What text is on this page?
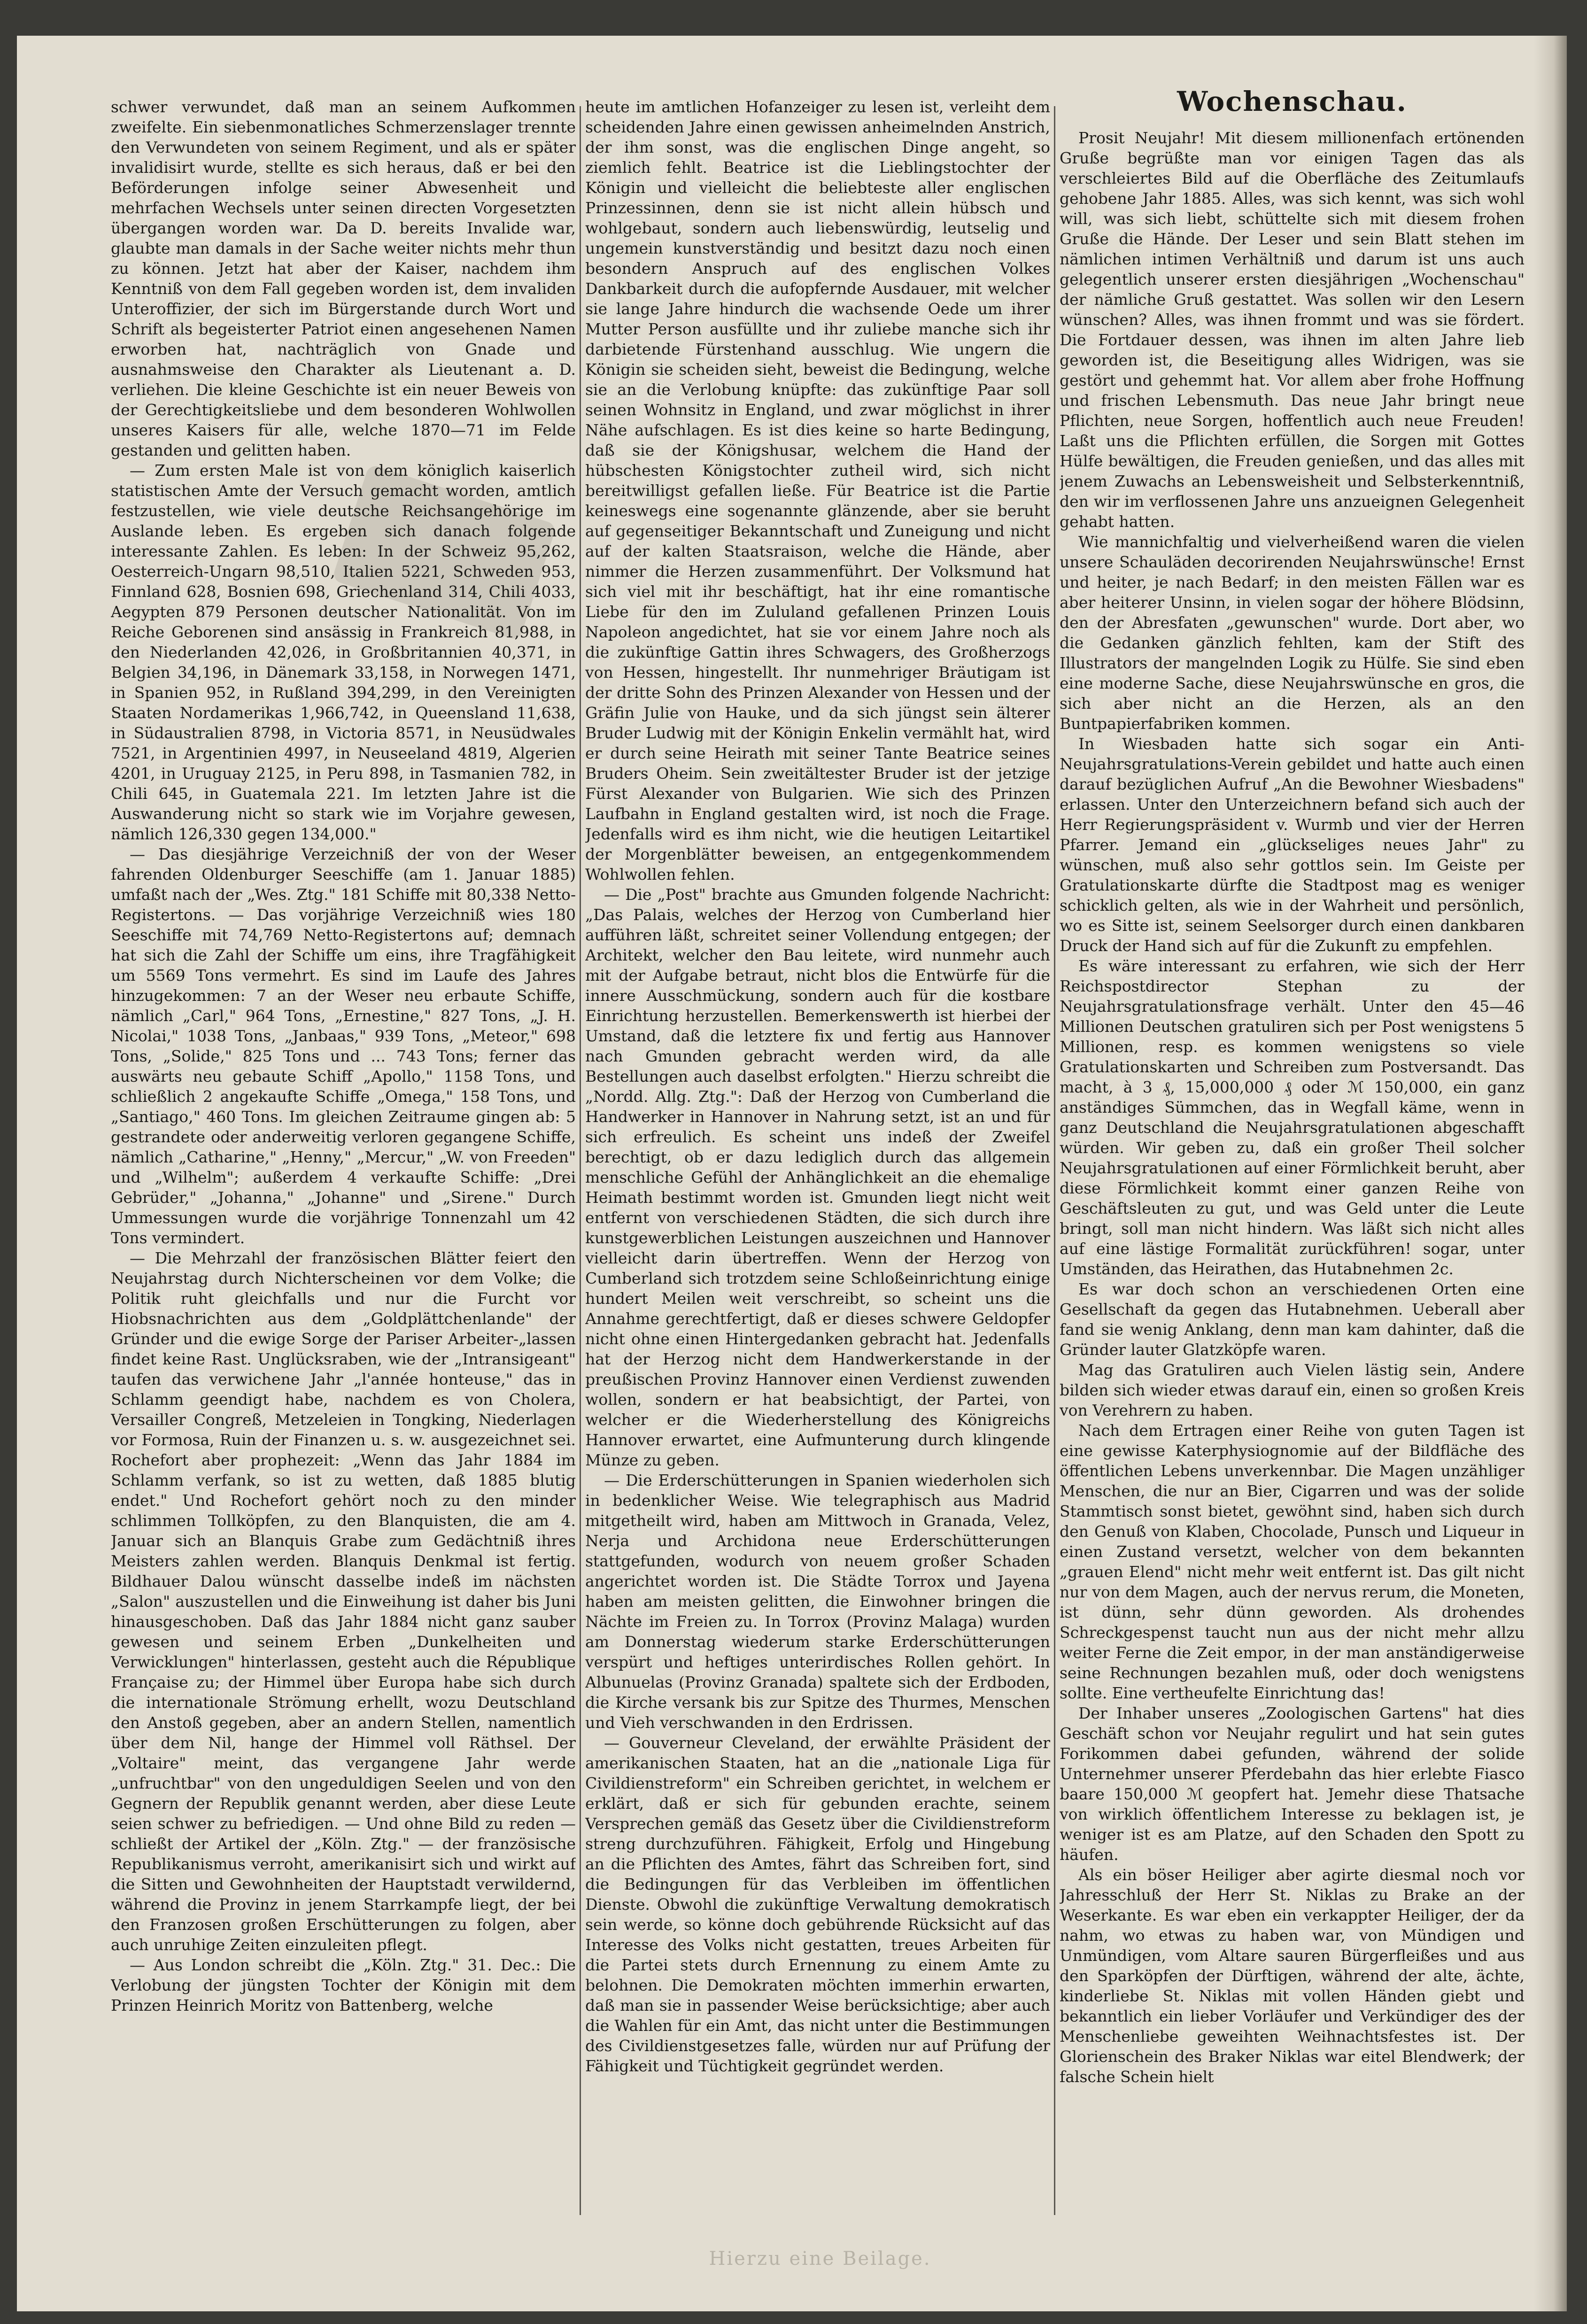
schwer verwundet, daß man an seinem Aufkommen zweifelte. Ein siebenmonatliches Schmerzenslager trennte den Verwundeten von seinem Regiment, und als er später invalidisirt wurde, stellte es sich heraus, daß er bei den Beförderungen infolge seiner Abwesenheit und mehrfachen Wechsels unter seinen directen Vorgesetzten übergangen worden war. Da D. bereits Invalide war, glaubte man damals in der Sache weiter nichts mehr thun zu können. Jetzt hat aber der Kaiser, nachdem ihm Kenntniß von dem Fall gegeben worden ist, dem invaliden Unteroffizier, der sich im Bürgerstande durch Wort und Schrift als begeisterter Patriot einen angesehenen Namen erworben hat, nachträglich von Gnade und ausnahmsweise den Charakter als Lieutenant a. D. verliehen. Die kleine Geschichte ist ein neuer Beweis von der Gerechtigkeitsliebe und dem besonderen Wohlwollen unseres Kaisers für alle, welche 1870—71 im Felde gestanden und gelitten haben.

— Zum ersten Male ist von dem königlich kaiserlich statistischen Amte der Versuch gemacht worden, amtlich festzustellen, wie viele deutsche Reichsangehörige im Auslande leben. Es ergeben sich danach folgende interessante Zahlen. Es leben: In der Schweiz 95,262, Oesterreich-Ungarn 98,510, Italien 5221, Schweden 953, Finnland 628, Bosnien 698, Griechenland 314, Chili 4033, Aegypten 879 Personen deutscher Nationalität. Von im Reiche Geborenen sind ansässig in Frankreich 81,988, in den Niederlanden 42,026, in Großbritannien 40,371, in Belgien 34,196, in Dänemark 33,158, in Norwegen 1471, in Spanien 952, in Rußland 394,299, in den Vereinigten Staaten Nordamerikas 1,966,742, in Queensland 11,638, in Südaustralien 8798, in Victoria 8571, in Neusüdwales 7521, in Argentinien 4997, in Neuseeland 4819, Algerien 4201, in Uruguay 2125, in Peru 898, in Tasmanien 782, in Chili 645, in Guatemala 221. Im letzten Jahre ist die Auswanderung nicht so stark wie im Vorjahre gewesen, nämlich 126,330 gegen 134,000."

— Das diesjährige Verzeichniß der von der Weser fahrenden Oldenburger Seeschiffe (am 1. Januar 1885) umfaßt nach der „Wes. Ztg." 181 Schiffe mit 80,338 Netto-Registertons. — Das vorjährige Verzeichniß wies 180 Seeschiffe mit 74,769 Netto-Registertons auf; demnach hat sich die Zahl der Schiffe um eins, ihre Tragfähigkeit um 5569 Tons vermehrt. Es sind im Laufe des Jahres hinzugekommen: 7 an der Weser neu erbaute Schiffe, nämlich „Carl," 964 Tons, „Ernestine," 827 Tons, „J. H. Nicolai," 1038 Tons, „Janbaas," 939 Tons, „Meteor," 698 Tons, „Solide," 825 Tons und ... 743 Tons; ferner das auswärts neu gebaute Schiff „Apollo," 1158 Tons, und schließlich 2 angekaufte Schiffe „Omega," 158 Tons, und „Santiago," 460 Tons. Im gleichen Zeitraume gingen ab: 5 gestrandete oder anderweitig verloren gegangene Schiffe, nämlich „Catharine," „Henny," „Mercur," „W. von Freeden" und „Wilhelm"; außerdem 4 verkaufte Schiffe: „Drei Gebrüder," „Johanna," „Johanne" und „Sirene." Durch Ummessungen wurde die vorjährige Tonnenzahl um 42 Tons vermindert.

— Die Mehrzahl der französischen Blätter feiert den Neujahrstag durch Nichterscheinen vor dem Volke; die Politik ruht gleichfalls und nur die Furcht vor Hiobsnachrichten aus dem „Goldplättchenlande" der Gründer und die ewige Sorge der Pariser Arbeiter-„lassen findet keine Rast. Unglücksraben, wie der „Intransigeant" taufen das verwichene Jahr „l'année honteuse," das in Schlamm geendigt habe, nachdem es von Cholera, Versailler Congreß, Metzeleien in Tongking, Niederlagen vor Formosa, Ruin der Finanzen u. s. w. ausgezeichnet sei. Rochefort aber prophezeit: „Wenn das Jahr 1884 im Schlamm verfank, so ist zu wetten, daß 1885 blutig endet." Und Rochefort gehört noch zu den minder schlimmen Tollköpfen, zu den Blanquisten, die am 4. Januar sich an Blanquis Grabe zum Gedächtniß ihres Meisters zahlen werden. Blanquis Denkmal ist fertig. Bildhauer Dalou wünscht dasselbe indeß im nächsten „Salon" auszustellen und die Einweihung ist daher bis Juni hinausgeschoben. Daß das Jahr 1884 nicht ganz sauber gewesen und seinem Erben „Dunkelheiten und Verwicklungen" hinterlassen, gesteht auch die République Française zu; der Himmel über Europa habe sich durch die internationale Strömung erhellt, wozu Deutschland den Anstoß gegeben, aber an andern Stellen, namentlich über dem Nil, hange der Himmel voll Räthsel. Der „Voltaire" meint, das vergangene Jahr werde „unfruchtbar" von den ungeduldigen Seelen und von den Gegnern der Republik genannt werden, aber diese Leute seien schwer zu befriedigen. — Und ohne Bild zu reden — schließt der Artikel der „Köln. Ztg." — der französische Republikanismus verroht, amerikanisirt sich und wirkt auf die Sitten und Gewohnheiten der Hauptstadt verwildernd, während die Provinz in jenem Starrkampfe liegt, der bei den Franzosen großen Erschütterungen zu folgen, aber auch unruhige Zeiten einzuleiten pflegt.

— Aus London schreibt die „Köln. Ztg." 31. Dec.: Die Verlobung der jüngsten Tochter der Königin mit dem Prinzen Heinrich Moritz von Battenberg, welche

heute im amtlichen Hofanzeiger zu lesen ist, verleiht dem scheidenden Jahre einen gewissen anheimelnden Anstrich, der ihm sonst, was die englischen Dinge angeht, so ziemlich fehlt. Beatrice ist die Lieblingstochter der Königin und vielleicht die beliebteste aller englischen Prinzessinnen, denn sie ist nicht allein hübsch und wohlgebaut, sondern auch liebenswürdig, leutselig und ungemein kunstverständig und besitzt dazu noch einen besondern Anspruch auf des englischen Volkes Dankbarkeit durch die aufopfernde Ausdauer, mit welcher sie lange Jahre hindurch die wachsende Oede um ihrer Mutter Person ausfüllte und ihr zuliebe manche sich ihr darbietende Fürstenhand ausschlug. Wie ungern die Königin sie scheiden sieht, beweist die Bedingung, welche sie an die Verlobung knüpfte: das zukünftige Paar soll seinen Wohnsitz in England, und zwar möglichst in ihrer Nähe aufschlagen. Es ist dies keine so harte Bedingung, daß sie der Königshusar, welchem die Hand der hübschesten Königstochter zutheil wird, sich nicht bereitwilligst gefallen ließe. Für Beatrice ist die Partie keineswegs eine sogenannte glänzende, aber sie beruht auf gegenseitiger Bekanntschaft und Zuneigung und nicht auf der kalten Staatsraison, welche die Hände, aber nimmer die Herzen zusammenführt. Der Volksmund hat sich viel mit ihr beschäftigt, hat ihr eine romantische Liebe für den im Zululand gefallenen Prinzen Louis Napoleon angedichtet, hat sie vor einem Jahre noch als die zukünftige Gattin ihres Schwagers, des Großherzogs von Hessen, hingestellt. Ihr nunmehriger Bräutigam ist der dritte Sohn des Prinzen Alexander von Hessen und der Gräfin Julie von Hauke, und da sich jüngst sein älterer Bruder Ludwig mit der Königin Enkelin vermählt hat, wird er durch seine Heirath mit seiner Tante Beatrice seines Bruders Oheim. Sein zweitältester Bruder ist der jetzige Fürst Alexander von Bulgarien. Wie sich des Prinzen Laufbahn in England gestalten wird, ist noch die Frage. Jedenfalls wird es ihm nicht, wie die heutigen Leitartikel der Morgenblätter beweisen, an entgegenkommendem Wohlwollen fehlen.

— Die „Post" brachte aus Gmunden folgende Nachricht: „Das Palais, welches der Herzog von Cumberland hier aufführen läßt, schreitet seiner Vollendung entgegen; der Architekt, welcher den Bau leitete, wird nunmehr auch mit der Aufgabe betraut, nicht blos die Entwürfe für die innere Ausschmückung, sondern auch für die kostbare Einrichtung herzustellen. Bemerkenswerth ist hierbei der Umstand, daß die letztere fix und fertig aus Hannover nach Gmunden gebracht werden wird, da alle Bestellungen auch daselbst erfolgten." Hierzu schreibt die „Nordd. Allg. Ztg.": Daß der Herzog von Cumberland die Handwerker in Hannover in Nahrung setzt, ist an und für sich erfreulich. Es scheint uns indeß der Zweifel berechtigt, ob er dazu lediglich durch das allgemein menschliche Gefühl der Anhänglichkeit an die ehemalige Heimath bestimmt worden ist. Gmunden liegt nicht weit entfernt von verschiedenen Städten, die sich durch ihre kunstgewerblichen Leistungen auszeichnen und Hannover vielleicht darin übertreffen. Wenn der Herzog von Cumberland sich trotzdem seine Schloßeinrichtung einige hundert Meilen weit verschreibt, so scheint uns die Annahme gerechtfertigt, daß er dieses schwere Geldopfer nicht ohne einen Hintergedanken gebracht hat. Jedenfalls hat der Herzog nicht dem Handwerkerstande in der preußischen Provinz Hannover einen Verdienst zuwenden wollen, sondern er hat beabsichtigt, der Partei, von welcher er die Wiederherstellung des Königreichs Hannover erwartet, eine Aufmunterung durch klingende Münze zu geben.

— Die Erderschütterungen in Spanien wiederholen sich in bedenklicher Weise. Wie telegraphisch aus Madrid mitgetheilt wird, haben am Mittwoch in Granada, Velez, Nerja und Archidona neue Erderschütterungen stattgefunden, wodurch von neuem großer Schaden angerichtet worden ist. Die Städte Torrox und Jayena haben am meisten gelitten, die Einwohner bringen die Nächte im Freien zu. In Torrox (Provinz Malaga) wurden am Donnerstag wiederum starke Erderschütterungen verspürt und heftiges unterirdisches Rollen gehört. In Albunuelas (Provinz Granada) spaltete sich der Erdboden, die Kirche versank bis zur Spitze des Thurmes, Menschen und Vieh verschwanden in den Erdrissen.

— Gouverneur Cleveland, der erwählte Präsident der amerikanischen Staaten, hat an die „nationale Liga für Civildienstreform" ein Schreiben gerichtet, in welchem er erklärt, daß er sich für gebunden erachte, seinem Versprechen gemäß das Gesetz über die Civildienstreform streng durchzuführen. Fähigkeit, Erfolg und Hingebung an die Pflichten des Amtes, fährt das Schreiben fort, sind die Bedingungen für das Verbleiben im öffentlichen Dienste. Obwohl die zukünftige Verwaltung demokratisch sein werde, so könne doch gebührende Rücksicht auf das Interesse des Volks nicht gestatten, treues Arbeiten für die Partei stets durch Ernennung zu einem Amte zu belohnen. Die Demokraten möchten immerhin erwarten, daß man sie in passender Weise berücksichtige; aber auch die Wahlen für ein Amt, das nicht unter die Bestimmungen des Civildienstgesetzes falle, würden nur auf Prüfung der Fähigkeit und Tüchtigkeit gegründet werden.

Wochenschau.

Prosit Neujahr! Mit diesem millionenfach ertönenden Gruße begrüßte man vor einigen Tagen das als verschleiertes Bild auf die Oberfläche des Zeitumlaufs gehobene Jahr 1885. Alles, was sich kennt, was sich wohl will, was sich liebt, schüttelte sich mit diesem frohen Gruße die Hände. Der Leser und sein Blatt stehen im nämlichen intimen Verhältniß und darum ist uns auch gelegentlich unserer ersten diesjährigen „Wochenschau" der nämliche Gruß gestattet. Was sollen wir den Lesern wünschen? Alles, was ihnen frommt und was sie fördert. Die Fortdauer dessen, was ihnen im alten Jahre lieb geworden ist, die Beseitigung alles Widrigen, was sie gestört und gehemmt hat. Vor allem aber frohe Hoffnung und frischen Lebensmuth. Das neue Jahr bringt neue Pflichten, neue Sorgen, hoffentlich auch neue Freuden! Laßt uns die Pflichten erfüllen, die Sorgen mit Gottes Hülfe bewältigen, die Freuden genießen, und das alles mit jenem Zuwachs an Lebensweisheit und Selbsterkenntniß, den wir im verflossenen Jahre uns anzueignen Gelegenheit gehabt hatten.

Wie mannichfaltig und vielverheißend waren die vielen unsere Schauläden decorirenden Neujahrswünsche! Ernst und heiter, je nach Bedarf; in den meisten Fällen war es aber heiterer Unsinn, in vielen sogar der höhere Blödsinn, den der Abresfaten „gewunschen" wurde. Dort aber, wo die Gedanken gänzlich fehlten, kam der Stift des Illustrators der mangelnden Logik zu Hülfe. Sie sind eben eine moderne Sache, diese Neujahrswünsche en gros, die sich aber nicht an die Herzen, als an den Buntpapierfabriken kommen.

In Wiesbaden hatte sich sogar ein Anti-Neujahrsgratulations-Verein gebildet und hatte auch einen darauf bezüglichen Aufruf „An die Bewohner Wiesbadens" erlassen. Unter den Unterzeichnern befand sich auch der Herr Regierungspräsident v. Wurmb und vier der Herren Pfarrer. Jemand ein „glückseliges neues Jahr" zu wünschen, muß also sehr gottlos sein. Im Geiste per Gratulationskarte dürfte die Stadtpost mag es weniger schicklich gelten, als wie in der Wahrheit und persönlich, wo es Sitte ist, seinem Seelsorger durch einen dankbaren Druck der Hand sich auf für die Zukunft zu empfehlen.

Es wäre interessant zu erfahren, wie sich der Herr Reichspostdirector Stephan zu der Neujahrsgratulationsfrage verhält. Unter den 45—46 Millionen Deutschen gratuliren sich per Post wenigstens 5 Millionen, resp. es kommen wenigstens so viele Gratulationskarten und Schreiben zum Postversandt. Das macht, à 3 ₰, 15,000,000 ₰ oder ℳ 150,000, ein ganz anständiges Sümmchen, das in Wegfall käme, wenn in ganz Deutschland die Neujahrsgratulationen abgeschafft würden. Wir geben zu, daß ein großer Theil solcher Neujahrsgratulationen auf einer Förmlichkeit beruht, aber diese Förmlichkeit kommt einer ganzen Reihe von Geschäftsleuten zu gut, und was Geld unter die Leute bringt, soll man nicht hindern. Was läßt sich nicht alles auf eine lästige Formalität zurückführen! sogar, unter Umständen, das Heirathen, das Hutabnehmen 2c.

Es war doch schon an verschiedenen Orten eine Gesellschaft da gegen das Hutabnehmen. Ueberall aber fand sie wenig Anklang, denn man kam dahinter, daß die Gründer lauter Glatzköpfe waren.

Mag das Gratuliren auch Vielen lästig sein, Andere bilden sich wieder etwas darauf ein, einen so großen Kreis von Verehrern zu haben.

Nach dem Ertragen einer Reihe von guten Tagen ist eine gewisse Katerphysiognomie auf der Bildfläche des öffentlichen Lebens unverkennbar. Die Magen unzähliger Menschen, die nur an Bier, Cigarren und was der solide Stammtisch sonst bietet, gewöhnt sind, haben sich durch den Genuß von Klaben, Chocolade, Punsch und Liqueur in einen Zustand versetzt, welcher von dem bekannten „grauen Elend" nicht mehr weit entfernt ist. Das gilt nicht nur von dem Magen, auch der nervus rerum, die Moneten, ist dünn, sehr dünn geworden. Als drohendes Schreckgespenst taucht nun aus der nicht mehr allzu weiter Ferne die Zeit empor, in der man anständigerweise seine Rechnungen bezahlen muß, oder doch wenigstens sollte. Eine vertheufelte Einrichtung das!

Der Inhaber unseres „Zoologischen Gartens" hat dies Geschäft schon vor Neujahr regulirt und hat sein gutes Forikommen dabei gefunden, während der solide Unternehmer unserer Pferdebahn das hier erlebte Fiasco baare 150,000 ℳ geopfert hat. Jemehr diese Thatsache von wirklich öffentlichem Interesse zu beklagen ist, je weniger ist es am Platze, auf den Schaden den Spott zu häufen.

Als ein böser Heiliger aber agirte diesmal noch vor Jahresschluß der Herr St. Niklas zu Brake an der Weserkante. Es war eben ein verkappter Heiliger, der da nahm, wo etwas zu haben war, von Mündigen und Unmündigen, vom Altare sauren Bürgerfleißes und aus den Sparköpfen der Dürftigen, während der alte, ächte, kinderliebe St. Niklas mit vollen Händen giebt und bekanntlich ein lieber Vorläufer und Verkündiger des der Menschenliebe geweihten Weihnachtsfestes ist. Der Glorienschein des Braker Niklas war eitel Blendwerk; der falsche Schein hielt

Hierzu eine Beilage.
